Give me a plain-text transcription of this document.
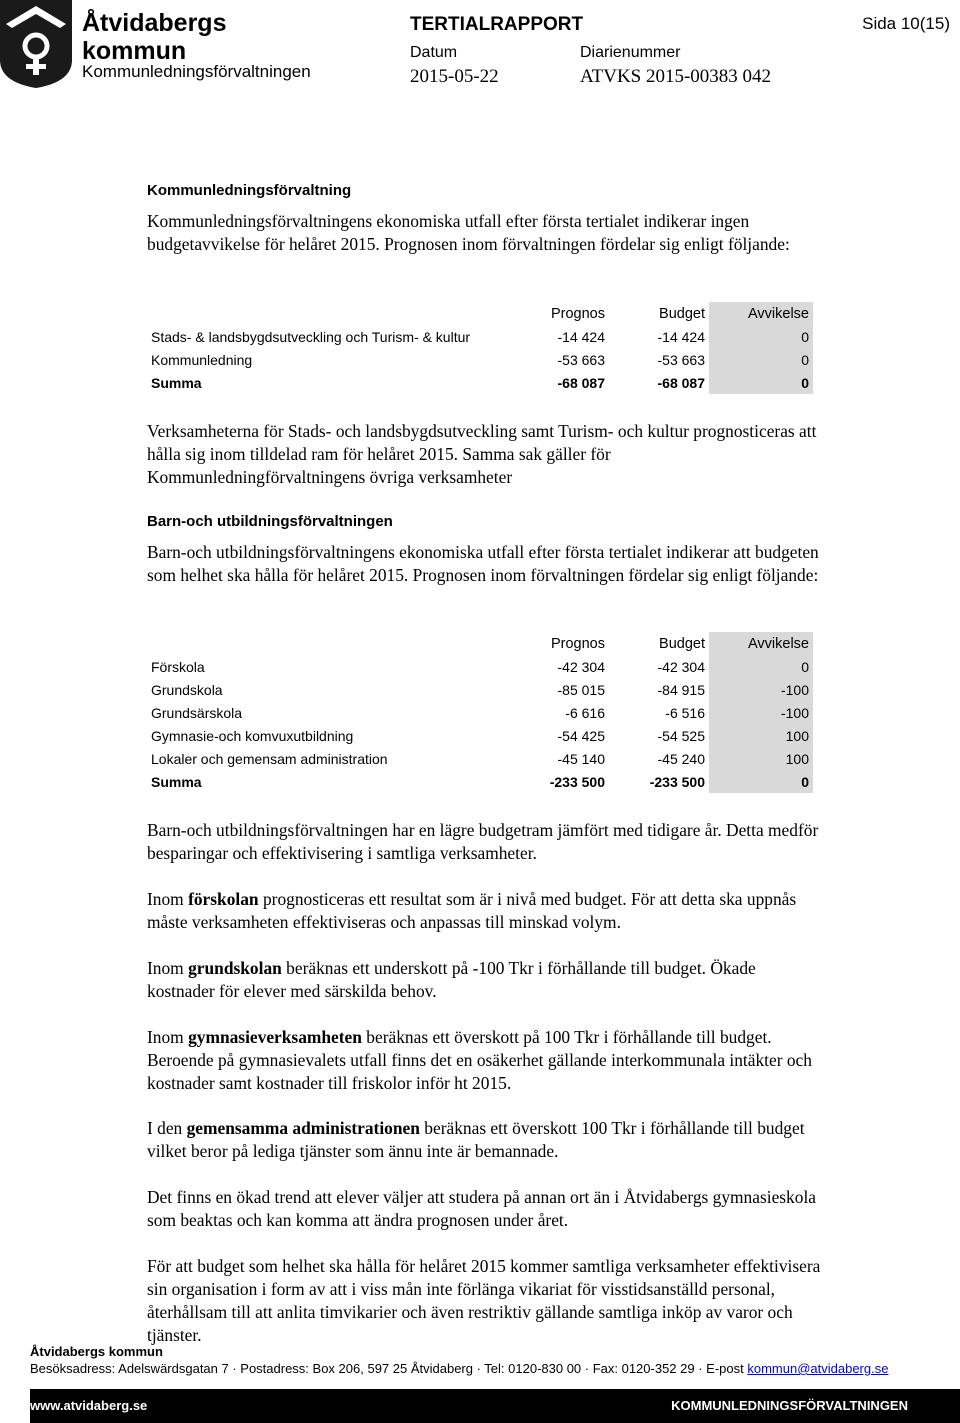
Åtvidabergs
kommun
Kommunledningsförvaltningen
TERTIALRAPPORT	Sida 10(15)
Datum
2015-05-22
Diarienummer
ATVKS 2015-00383 042
Kommunledningsförvaltning
Kommunledningsförvaltningens ekonomiska utfall efter första tertialet indikerar ingen budgetavvikelse för helåret 2015. Prognosen inom förvaltningen fördelar sig enligt följande:
	Prognos	Budget	Avvikelse
Stads- & landsbygdsutveckling och Turism- & kultur	-14 424	-14 424	0
Kommunledning	-53 663	-53 663	0
Summa	-68 087	-68 087	0
Verksamheterna för Stads- och landsbygdsutveckling samt Turism- och kultur prognosticeras att hålla sig inom tilldelad ram för helåret 2015. Samma sak gäller för Kommunledningförvaltningens övriga verksamheter
Barn-och utbildningsförvaltningen
Barn-och utbildningsförvaltningens ekonomiska utfall efter första tertialet indikerar att budgeten som helhet ska hålla för helåret 2015. Prognosen inom förvaltningen fördelar sig enligt följande:
	Prognos	Budget	Avvikelse
Förskola	-42 304	-42 304	0
Grundskola	-85 015	-84 915	-100
Grundsärskola	-6 616	-6 516	-100
Gymnasie-och komvuxutbildning	-54 425	-54 525	100
Lokaler och gemensam administration	-45 140	-45 240	100
Summa	-233 500	-233 500	0
Barn-och utbildningsförvaltningen har en lägre budgetram jämfört med tidigare år. Detta medför besparingar och effektivisering i samtliga verksamheter.
Inom förskolan prognosticeras ett resultat som är i nivå med budget. För att detta ska uppnås måste verksamheten effektiviseras och anpassas till minskad volym.
Inom grundskolan beräknas ett underskott på -100 Tkr i förhållande till budget. Ökade kostnader för elever med särskilda behov.
Inom gymnasieverksamheten beräknas ett överskott på 100 Tkr i förhållande till budget. Beroende på gymnasievalets utfall finns det en osäkerhet gällande interkommunala intäkter och kostnader samt kostnader till friskolor inför ht 2015.
I den gemensamma administrationen beräknas ett överskott 100 Tkr i förhållande till budget vilket beror på lediga tjänster som ännu inte är bemannade.
Det finns en ökad trend att elever väljer att studera på annan ort än i Åtvidabergs gymnasieskola som beaktas och kan komma att ändra prognosen under året.
För att budget som helhet ska hålla för helåret 2015 kommer samtliga verksamheter effektivisera sin organisation i form av att i viss mån inte förlänga vikariat för visstidsanställd personal, återhållsam till att anlita timvikarier och även restriktiv gällande samtliga inköp av varor och tjänster.
Åtvidabergs kommun
Besöksadress: Adelswärdsgatan 7 · Postadress: Box 206, 597 25 Åtvidaberg · Tel: 0120-830 00 · Fax: 0120-352 29 · E-post kommun@atvidaberg.se
www.atvidaberg.se	KOMMUNLEDNINGSFÖRVALTNINGEN
